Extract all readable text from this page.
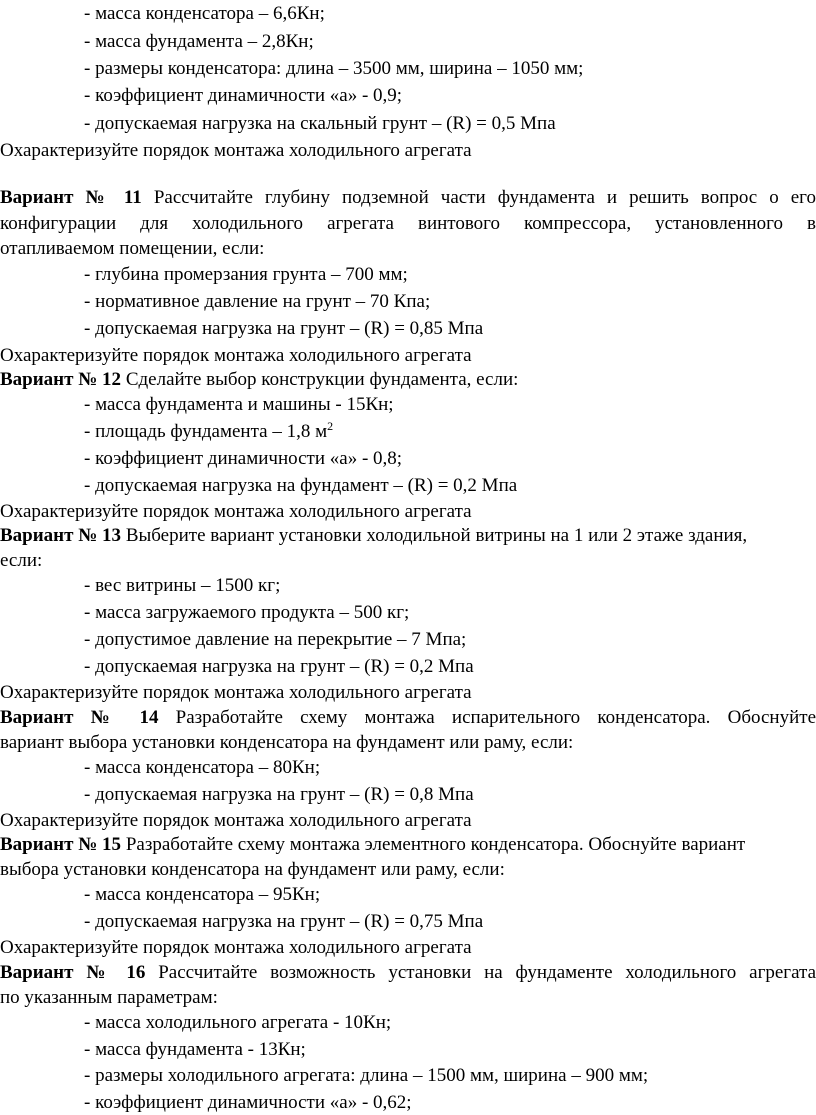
- масса конденсатора – 6,6Кн;
- масса фундамента – 2,8Кн;
- размеры конденсатора: длина – 3500 мм, ширина – 1050 мм;
- коэффициент динамичности «а» - 0,9;
- допускаемая нагрузка на скальный грунт – (R) = 0,5 Мпа
Охарактеризуйте порядок монтажа холодильного агрегата
Вариант № 11 Рассчитайте глубину подземной части фундамента и решить вопрос о его
конфигурации для холодильного агрегата винтового компрессора, установленного в
отапливаемом помещении, если:
- глубина промерзания грунта – 700 мм;
- нормативное давление на грунт – 70 Кпа;
- допускаемая нагрузка на грунт – (R) = 0,85 Мпа
Охарактеризуйте порядок монтажа холодильного агрегата
Вариант № 12 Сделайте выбор конструкции фундамента, если:
- масса фундамента и машины - 15Кн;
- площадь фундамента – 1,8 $м^2$
- коэффициент динамичности «а» - 0,8;
- допускаемая нагрузка на фундамент – (R) = 0,2 Мпа
Охарактеризуйте порядок монтажа холодильного агрегата
Вариант № 13 Выберите вариант установки холодильной витрины на 1 или 2 этаже здания,
если:
- вес витрины – 1500 кг;
- масса загружаемого продукта – 500 кг;
- допустимое давление на перекрытие – 7 Мпа;
- допускаемая нагрузка на грунт – (R) = 0,2 Мпа
Охарактеризуйте порядок монтажа холодильного агрегата
Вариант № 14 Разработайте схему монтажа испарительного конденсатора. Обоснуйте
вариант выбора установки конденсатора на фундамент или раму, если:
- масса конденсатора – 80Кн;
- допускаемая нагрузка на грунт – (R) = 0,8 Мпа
Охарактеризуйте порядок монтажа холодильного агрегата
Вариант № 15 Разработайте схему монтажа элементного конденсатора. Обоснуйте вариант
выбора установки конденсатора на фундамент или раму, если:
- масса конденсатора – 95Кн;
- допускаемая нагрузка на грунт – (R) = 0,75 Мпа
Охарактеризуйте порядок монтажа холодильного агрегата
Вариант № 16 Рассчитайте возможность установки на фундаменте холодильного агрегата
по указанным параметрам:
- масса холодильного агрегата - 10Кн;
- масса фундамента - 13Кн;
- размеры холодильного агрегата: длина – 1500 мм, ширина – 900 мм;
- коэффициент динамичности «а» - 0,62;
